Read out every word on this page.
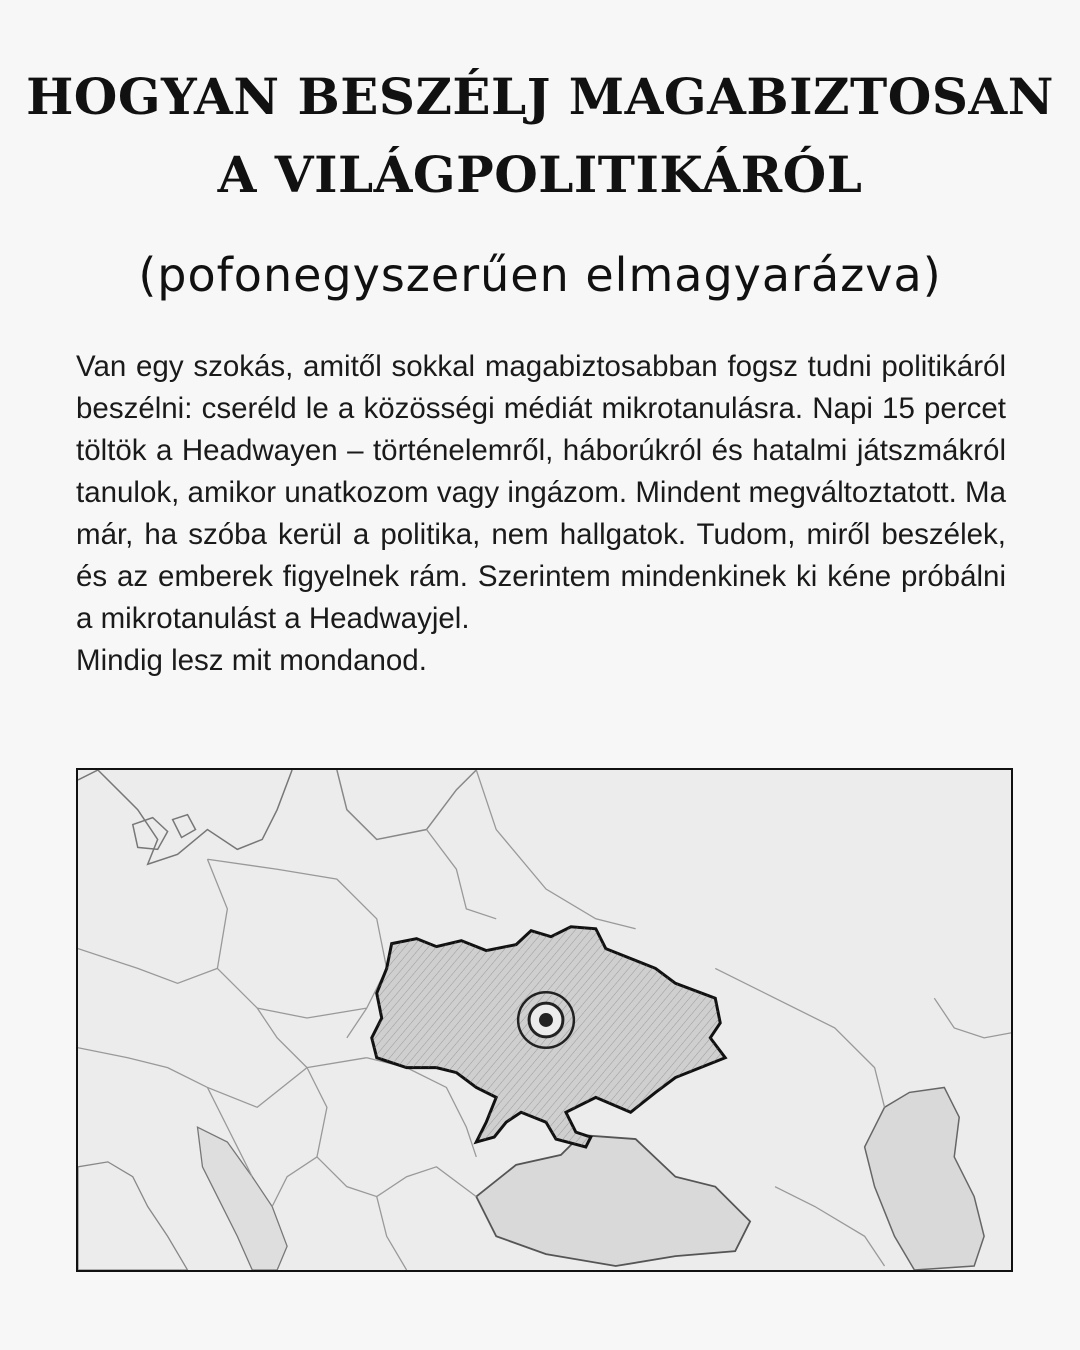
HOGYAN BESZÉLJ MAGABIZTOSAN
A VILÁGPOLITIKÁRÓL
(pofonegyszerűen elmagyarázva)

Van egy szokás, amitől sokkal magabiztosabban fogsz tudni politikáról beszélni: cseréld le a közösségi médiát mikrotanulásra. Napi 15 percet töltök a Headwayen – történelemről, háborúkról és hatalmi játszmákról tanulok, amikor unatkozom vagy ingázom. Mindent megváltoztatott. Ma már, ha szóba kerül a politika, nem hallgatok. Tudom, miről beszélek, és az emberek figyelnek rám. Szerintem mindenkinek ki kéne próbálni a mikrotanulást a Headwayjel.

Mindig lesz mit mondanod.
